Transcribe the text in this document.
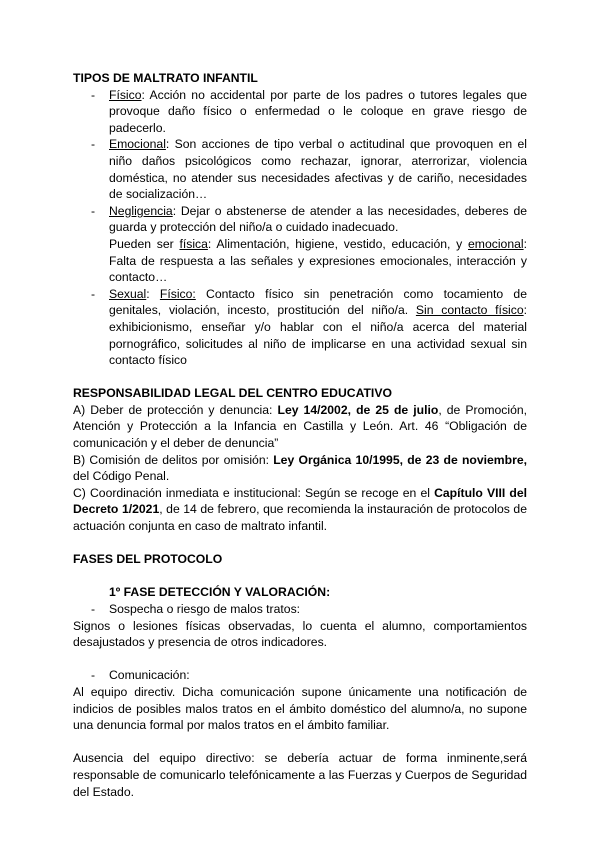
TIPOS DE MALTRATO INFANTIL
- Físico: Acción no accidental por parte de los padres o tutores legales que provoque daño físico o enfermedad o le coloque en grave riesgo de padecerlo.
- Emocional: Son acciones de tipo verbal o actitudinal que provoquen en el niño daños psicológicos como rechazar, ignorar, aterrorizar, violencia doméstica, no atender sus necesidades afectivas y de cariño, necesidades de socialización…
- Negligencia: Dejar o abstenerse de atender a las necesidades, deberes de guarda y protección del niño/a o cuidado inadecuado.
Pueden ser física: Alimentación, higiene, vestido, educación, y emocional: Falta de respuesta a las señales y expresiones emocionales, interacción y contacto…
- Sexual: Físico: Contacto físico sin penetración como tocamiento de genitales, violación, incesto, prostitución del niño/a. Sin contacto físico: exhibicionismo, enseñar y/o hablar con el niño/a acerca del material pornográfico, solicitudes al niño de implicarse en una actividad sexual sin contacto físico
RESPONSABILIDAD LEGAL DEL CENTRO EDUCATIVO

A) Deber de protección y denuncia: Ley 14/2002, de 25 de julio, de Promoción, Atención y Protección a la Infancia en Castilla y León. Art. 46 “Obligación de comunicación y el deber de denuncia”

B) Comisión de delitos por omisión: Ley Orgánica 10/1995, de 23 de noviembre, del Código Penal.

C) Coordinación inmediata e institucional: Según se recoge en el Capítulo VIII del Decreto 1/2021, de 14 de febrero, que recomienda la instauración de protocolos de actuación conjunta en caso de maltrato infantil.

FASES DEL PROTOCOLO
1º FASE DETECCIÓN Y VALORACIÓN:
- Sospecha o riesgo de malos tratos:

Signos o lesiones físicas observadas, lo cuenta el alumno, comportamientos desajustados y presencia de otros indicadores.

- Comunicación:

Al equipo directiv. Dicha comunicación supone únicamente una notificación de indicios de posibles malos tratos en el ámbito doméstico del alumno/a, no supone una denuncia formal por malos tratos en el ámbito familiar.

Ausencia del equipo directivo: se debería actuar de forma inminente,será responsable de comunicarlo telefónicamente a las Fuerzas y Cuerpos de Seguridad del Estado.
